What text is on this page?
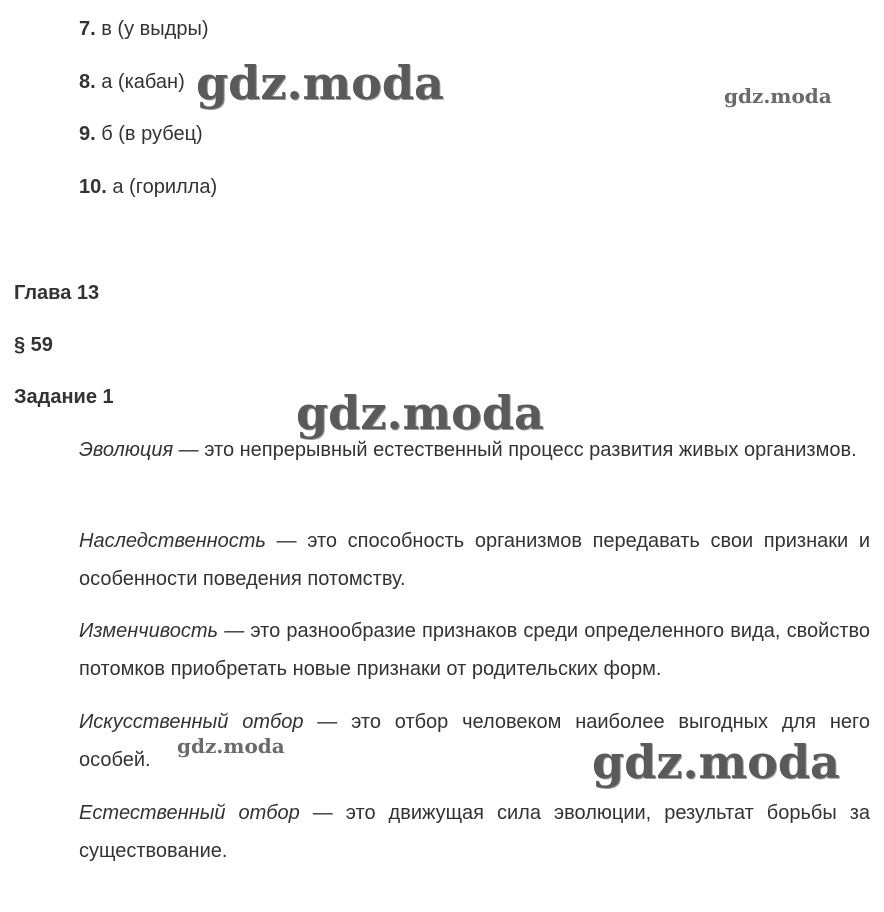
7. в (у выдры)
8. а (кабан)
9. б (в рубец)
10. а (горилла)
Глава 13
§ 59
Задание 1
Эволюция — это непрерывный естественный процесс развития живых организмов.
Наследственность — это способность организмов передавать свои признаки и особенности поведения потомству.
Изменчивость — это разнообразие признаков среди определенного вида, свойство потомков приобретать новые признаки от родительских форм.
Искусственный отбор — это отбор человеком наиболее выгодных для него особей.
Естественный отбор — это движущая сила эволюции, результат борьбы за существование.
gdz.moda	gdz.moda
gdz.moda
gdz.moda	gdz.moda
